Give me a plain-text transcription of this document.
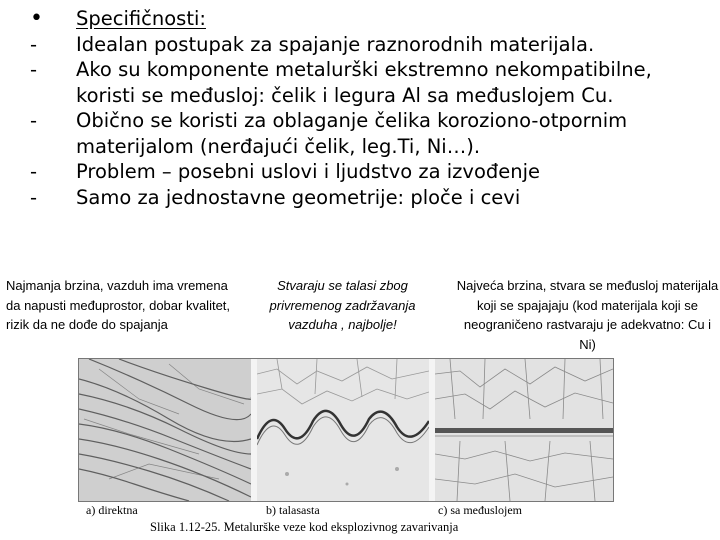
•	Specifičnosti:
-	Idealan postupak za spajanje raznorodnih materijala.
-	Ako su komponente metalurški ekstremno nekompatibilne, koristi se međusloj: čelik i legura Al sa međuslojem Cu.
-	Obično se koristi za oblaganje čelika koroziono-otpornim materijalom (nerđajući čelik, leg.Ti, Ni…).
-	Problem – posebni uslovi i ljudstvo za izvođenje
-	Samo za jednostavne geometrije: ploče i cevi
Najmanja brzina, vazduh ima vremena da napusti međuprostor, dobar kvalitet, rizik da ne dođe do spajanja
Stvaraju se talasi zbog privremenog zadržavanja vazduha , najbolje!
Najveća brzina, stvara se međusloj materijala koji se spajajaju (kod materijala koji se neograničeno rastvaraju je adekvatno: Cu i Ni)
a) direktna	b) talasasta	c) sa međuslojem
Slika 1.12-25. Metalurške veze kod eksplozivnog zavarivanja
